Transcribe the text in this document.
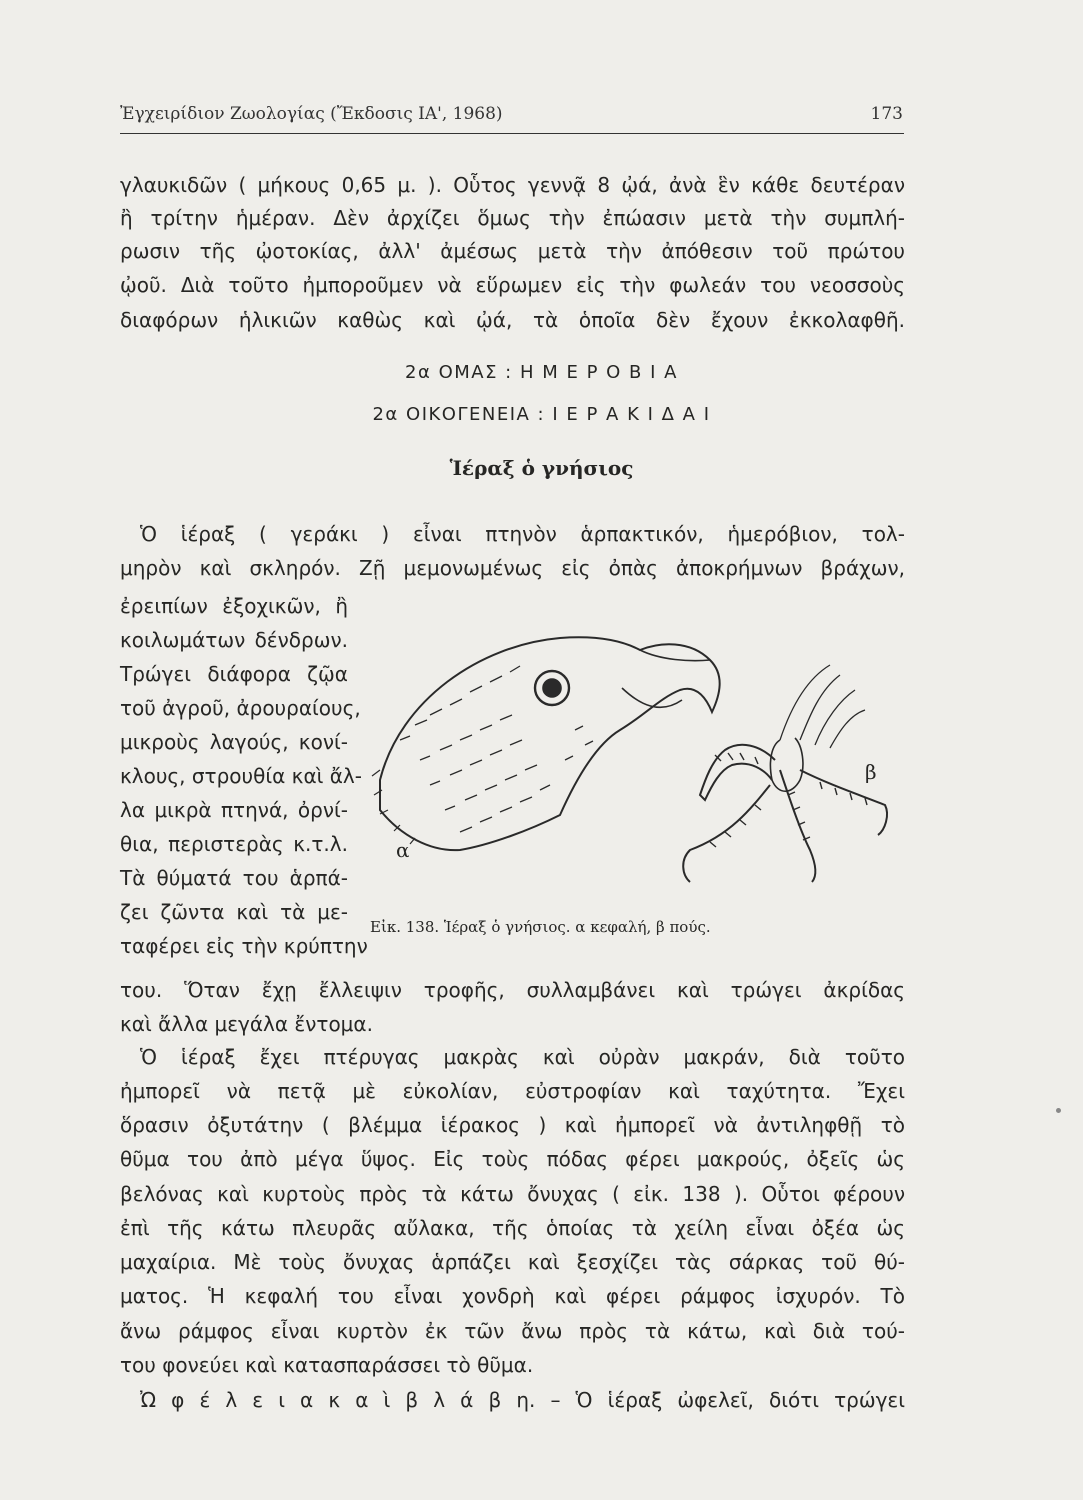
Ἐγχειρίδιον Ζωολογίας (Ἔκδοσις ΙΑ', 1968)	173
γλαυκιδῶν ( μήκους 0,65 μ. ). Οὗτος γεννᾷ 8 ᾠά, ἀνὰ ἓν κάθε δευτέραν
ἢ τρίτην ἡμέραν. Δὲν ἀρχίζει ὅμως τὴν ἐπώασιν μετὰ τὴν συμπλή-
ρωσιν τῆς ᾠοτοκίας, ἀλλ' ἀμέσως μετὰ τὴν ἀπόθεσιν τοῦ πρώτου
ᾠοῦ. Διὰ τοῦτο ἠμποροῦμεν νὰ εὕρωμεν εἰς τὴν φωλεάν του νεοσσοὺς
διαφόρων ἡλικιῶν καθὼς καὶ ᾠά, τὰ ὁποῖα δὲν ἔχουν ἐκκολαφθῆ.
2α ΟΜΑΣ : Η Μ Ε Ρ Ο Β Ι Α
2α ΟΙΚΟΓΕΝΕΙΑ : Ι Ε Ρ Α Κ Ι Δ Α Ι
Ἱέραξ ὁ γνήσιος
Ὁ ἱέραξ ( γεράκι ) εἶναι πτηνὸν ἁρπακτικόν, ἡμερόβιον, τολ-
μηρὸν καὶ σκληρόν. Ζῇ μεμονωμένως εἰς ὀπὰς ἀποκρήμνων βράχων,
ἐρειπίων ἐξοχικῶν, ἢ
κοιλωμάτων δένδρων.
Τρώγει διάφορα ζῷα
τοῦ ἀγροῦ, ἀρουραίους,
μικροὺς λαγούς, κονί-
κλους, στρουθία καὶ ἄλ-
λα μικρὰ πτηνά, ὀρνί-
θια, περιστερὰς κ.τ.λ.
Τὰ θύματά του ἁρπά-
ζει ζῶντα καὶ τὰ με-
ταφέρει εἰς τὴν κρύπτην
α
β
Εἰκ. 138. Ἱέραξ ὁ γνήσιος. α κεφαλή, β πούς.
του. Ὅταν ἔχῃ ἔλλειψιν τροφῆς, συλλαμβάνει καὶ τρώγει ἀκρίδας
καὶ ἄλλα μεγάλα ἔντομα.
Ὁ ἱέραξ ἔχει πτέρυγας μακρὰς καὶ οὐρὰν μακράν, διὰ τοῦτο
ἠμπορεῖ νὰ πετᾷ μὲ εὐκολίαν, εὐστροφίαν καὶ ταχύτητα. Ἔχει
ὅρασιν ὀξυτάτην ( βλέμμα ἱέρακος ) καὶ ἠμπορεῖ νὰ ἀντιληφθῇ τὸ
θῦμα του ἀπὸ μέγα ὕψος. Εἰς τοὺς πόδας φέρει μακρούς, ὀξεῖς ὡς
βελόνας καὶ κυρτοὺς πρὸς τὰ κάτω ὄνυχας ( εἰκ. 138 ). Οὗτοι φέρουν
ἐπὶ τῆς κάτω πλευρᾶς αὔλακα, τῆς ὁποίας τὰ χείλη εἶναι ὀξέα ὡς
μαχαίρια. Μὲ τοὺς ὄνυχας ἁρπάζει καὶ ξεσχίζει τὰς σάρκας τοῦ θύ-
ματος. Ἡ κεφαλή του εἶναι χονδρὴ καὶ φέρει ράμφος ἰσχυρόν. Τὸ
ἄνω ράμφος εἶναι κυρτὸν ἐκ τῶν ἄνω πρὸς τὰ κάτω, καὶ διὰ τού-
του φονεύει καὶ κατασπαράσσει τὸ θῦμα.
Ὠ φ έ λ ε ι α κ α ὶ β λ ά β η. – Ὁ ἱέραξ ὠφελεῖ, διότι τρώγει
